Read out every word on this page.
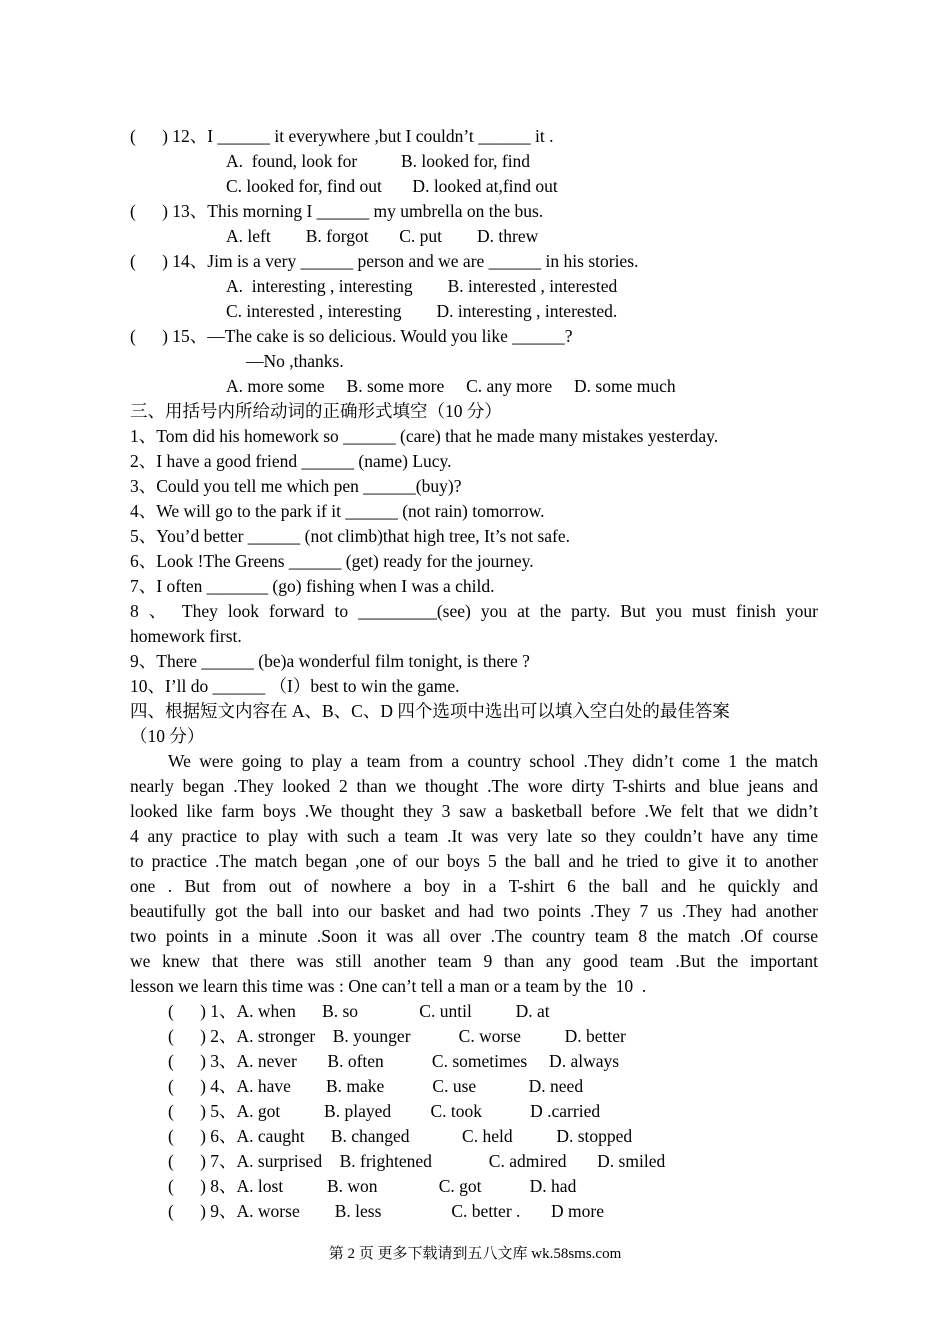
(      ) 12、I ______ it everywhere ,but I couldn’t ______ it .
A.  found, look for          B. looked for, find
C. looked for, find out       D. looked at,find out
(      ) 13、This morning I ______ my umbrella on the bus.
A. left        B. forgot       C. put        D. threw
(      ) 14、Jim is a very ______ person and we are ______ in his stories.
A.  interesting , interesting        B. interested , interested
C. interested , interesting        D. interesting , interested.
(      ) 15、—The cake is so delicious. Would you like ______?
—No ,thanks.
A. more some     B. some more     C. any more     D. some much
三、用括号内所给动词的正确形式填空（10 分）
1、Tom did his homework so ______ (care) that he made many mistakes yesterday.
2、I have a good friend ______ (name) Lucy.
3、Could you tell me which pen ______(buy)?
4、We will go to the park if it ______ (not rain) tomorrow.
5、You’d better ______ (not climb)that high tree, It’s not safe.
6、Look !The Greens ______ (get) ready for the journey.
7、I often _______ (go) fishing when I was a child.
8 、 They look forward to _________(see) you at the party. But you must finish your
homework first.
9、There ______ (be)a wonderful film tonight, is there ?
10、I’ll do ______ （I）best to win the game.
四、根据短文内容在 A、B、C、D 四个选项中选出可以填入空白处的最佳答案
（10 分）
We were going to play a team from a country school .They didn’t come 1 the match
nearly began .They looked 2 than we thought .The wore dirty T-shirts and blue jeans and
looked like farm boys .We thought they 3 saw a basketball before .We felt that we didn’t
4 any practice to play with such a team .It was very late so they couldn’t have any time
to practice .The match began ,one of our boys 5 the ball and he tried to give it to another
one . But from out of nowhere a boy in a T-shirt 6 the ball and he quickly and
beautifully got the ball into our basket and had two points .They 7 us .They had another
two points in a minute .Soon it was all over .The country team 8 the match .Of course
we knew that there was still another team 9 than any good team .But the important
lesson we learn this time was : One can’t tell a man or a team by the  10  .
(      ) 1、A. when      B. so              C. until          D. at
(      ) 2、A. stronger    B. younger           C. worse          D. better
(      ) 3、A. never       B. often           C. sometimes     D. always
(      ) 4、A. have        B. make           C. use            D. need
(      ) 5、A. got          B. played         C. took           D .carried
(      ) 6、A. caught      B. changed            C. held          D. stopped
(      ) 7、A. surprised    B. frightened             C. admired       D. smiled
(      ) 8、A. lost          B. won              C. got           D. had
(      ) 9、A. worse        B. less                C. better .       D more
第 2 页 更多下载请到五八文库 wk.58sms.com
